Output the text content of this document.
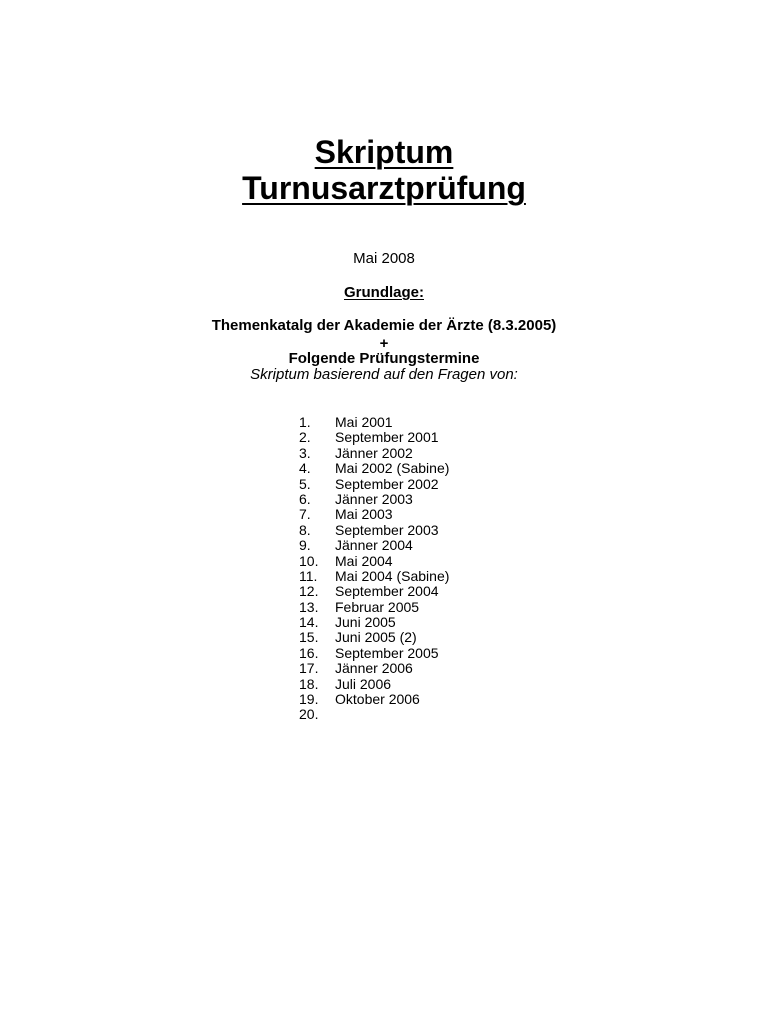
Skriptum
Turnusarztprüfung

Mai 2008

Grundlage:

Themenkatalg der Akademie der Ärzte (8.3.2005)

+

Folgende Prüfungstermine

Skriptum basierend auf den Fragen von:

1.	Mai 2001
2.	September 2001
3.	Jänner 2002
4.	Mai 2002 (Sabine)
5.	September 2002
6.	Jänner 2003
7.	Mai 2003
8.	September 2003
9.	Jänner 2004
10.	Mai 2004
11.	Mai 2004 (Sabine)
12.	September 2004
13.	Februar 2005
14.	Juni 2005
15.	Juni 2005 (2)
16.	September 2005
17.	Jänner 2006
18.	Juli 2006
19.	Oktober 2006
20.
